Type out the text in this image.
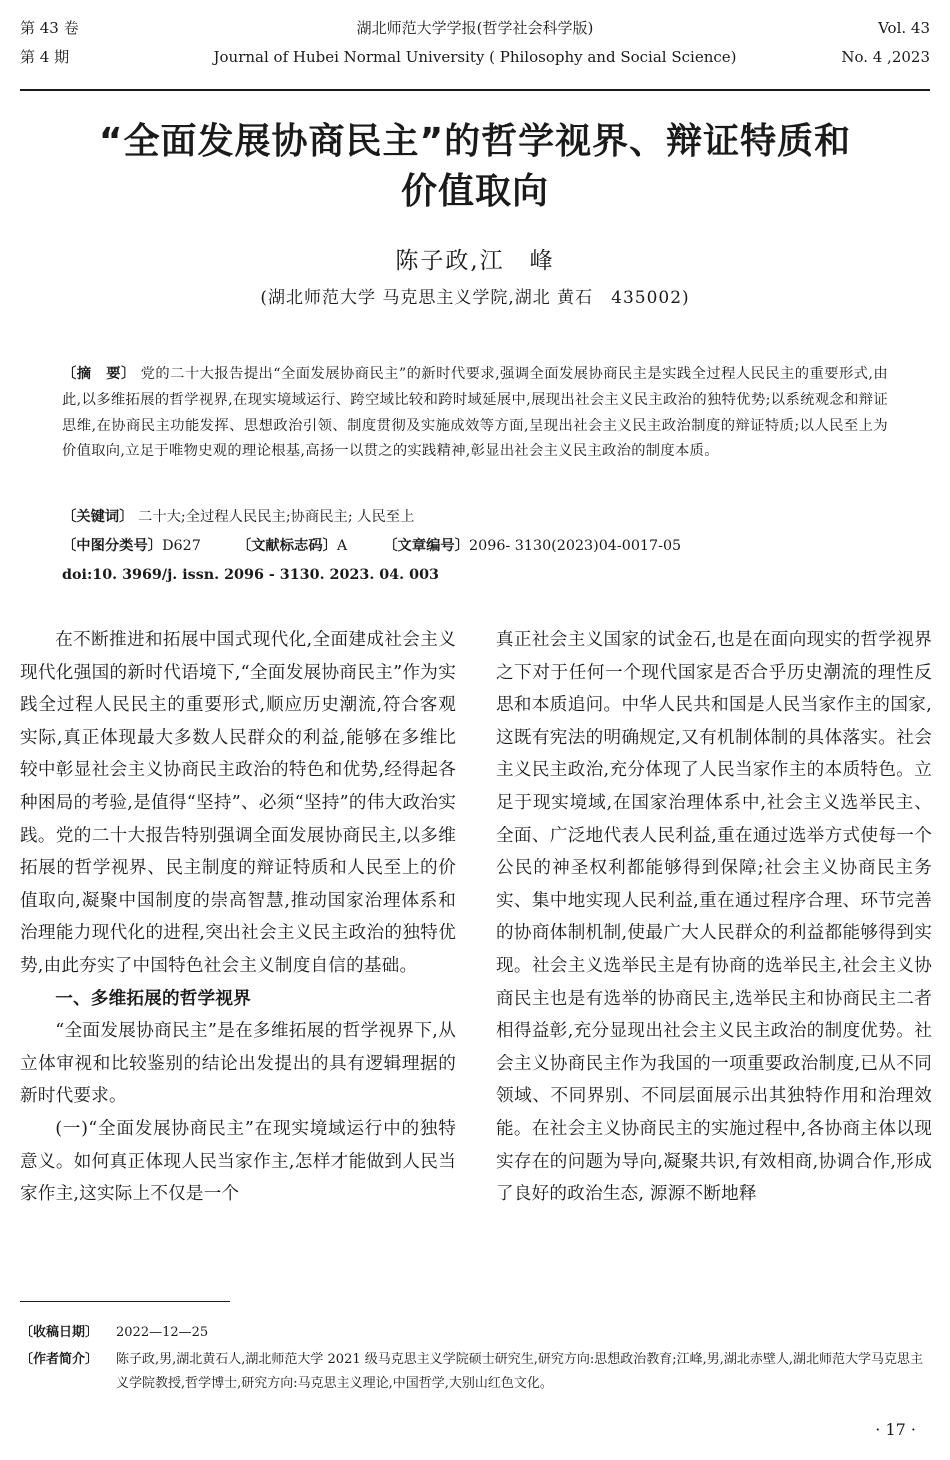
第 43 卷
第 4 期
湖北师范大学学报(哲学社会科学版)
Journal of Hubei Normal University ( Philosophy and Social Science)
Vol. 43
No. 4 ,2023
“全面发展协商民主”的哲学视界、辩证特质和
价值取向
陈子政,江　峰
(湖北师范大学 马克思主义学院,湖北 黄石　435002)
〔摘　要〕 党的二十大报告提出“全面发展协商民主”的新时代要求,强调全面发展协商民主是实践全过程人民民主的重要形式,由此,以多维拓展的哲学视界,在现实境域运行、跨空域比较和跨时域延展中,展现出社会主义民主政治的独特优势;以系统观念和辩证思维,在协商民主功能发挥、思想政治引领、制度贯彻及实施成效等方面,呈现出社会主义民主政治制度的辩证特质;以人民至上为价值取向,立足于唯物史观的理论根基,高扬一以贯之的实践精神,彰显出社会主义民主政治的制度本质。
〔关键词〕 二十大;全过程人民民主;协商民主; 人民至上
〔中图分类号〕D627	〔文献标志码〕A	〔文章编号〕2096- 3130(2023)04-0017-05
doi:10. 3969/j. issn. 2096 - 3130. 2023. 04. 003

在不断推进和拓展中国式现代化,全面建成社会主义现代化强国的新时代语境下,“全面发展协商民主”作为实践全过程人民民主的重要形式,顺应历史潮流,符合客观实际,真正体现最大多数人民群众的利益,能够在多维比较中彰显社会主义协商民主政治的特色和优势,经得起各种困局的考验,是值得“坚持”、必须“坚持”的伟大政治实践。党的二十大报告特别强调全面发展协商民主,以多维拓展的哲学视界、民主制度的辩证特质和人民至上的价值取向,凝聚中国制度的崇高智慧,推动国家治理体系和治理能力现代化的进程,突出社会主义民主政治的独特优势,由此夯实了中国特色社会主义制度自信的基础。

一、多维拓展的哲学视界

“全面发展协商民主”是在多维拓展的哲学视界下,从立体审视和比较鉴别的结论出发提出的具有逻辑理据的新时代要求。

(一)“全面发展协商民主”在现实境域运行中的独特意义。如何真正体现人民当家作主,怎样才能做到人民当家作主,这实际上不仅是一个

真正社会主义国家的试金石,也是在面向现实的哲学视界之下对于任何一个现代国家是否合乎历史潮流的理性反思和本质追问。中华人民共和国是人民当家作主的国家,这既有宪法的明确规定,又有机制体制的具体落实。社会主义民主政治,充分体现了人民当家作主的本质特色。立足于现实境域,在国家治理体系中,社会主义选举民主、全面、广泛地代表人民利益,重在通过选举方式使每一个公民的神圣权利都能够得到保障;社会主义协商民主务实、集中地实现人民利益,重在通过程序合理、环节完善的协商体制机制,使最广大人民群众的利益都能够得到实现。社会主义选举民主是有协商的选举民主,社会主义协商民主也是有选举的协商民主,选举民主和协商民主二者相得益彰,充分显现出社会主义民主政治的制度优势。社会主义协商民主作为我国的一项重要政治制度,已从不同领域、不同界别、不同层面展示出其独特作用和治理效能。在社会主义协商民主的实施过程中,各协商主体以现实存在的问题为导向,凝聚共识,有效相商,协调合作,形成了良好的政治生态, 源源不断地释

〔收稿日期〕 2022—12—25
〔作者简介〕 陈子政,男,湖北黄石人,湖北师范大学 2021 级马克思主义学院硕士研究生,研究方向:思想政治教育;江峰,男,湖北赤壁人,湖北师范大学马克思主义学院教授,哲学博士,研究方向:马克思主义理论,中国哲学,大别山红色文化。
· 17 ·
